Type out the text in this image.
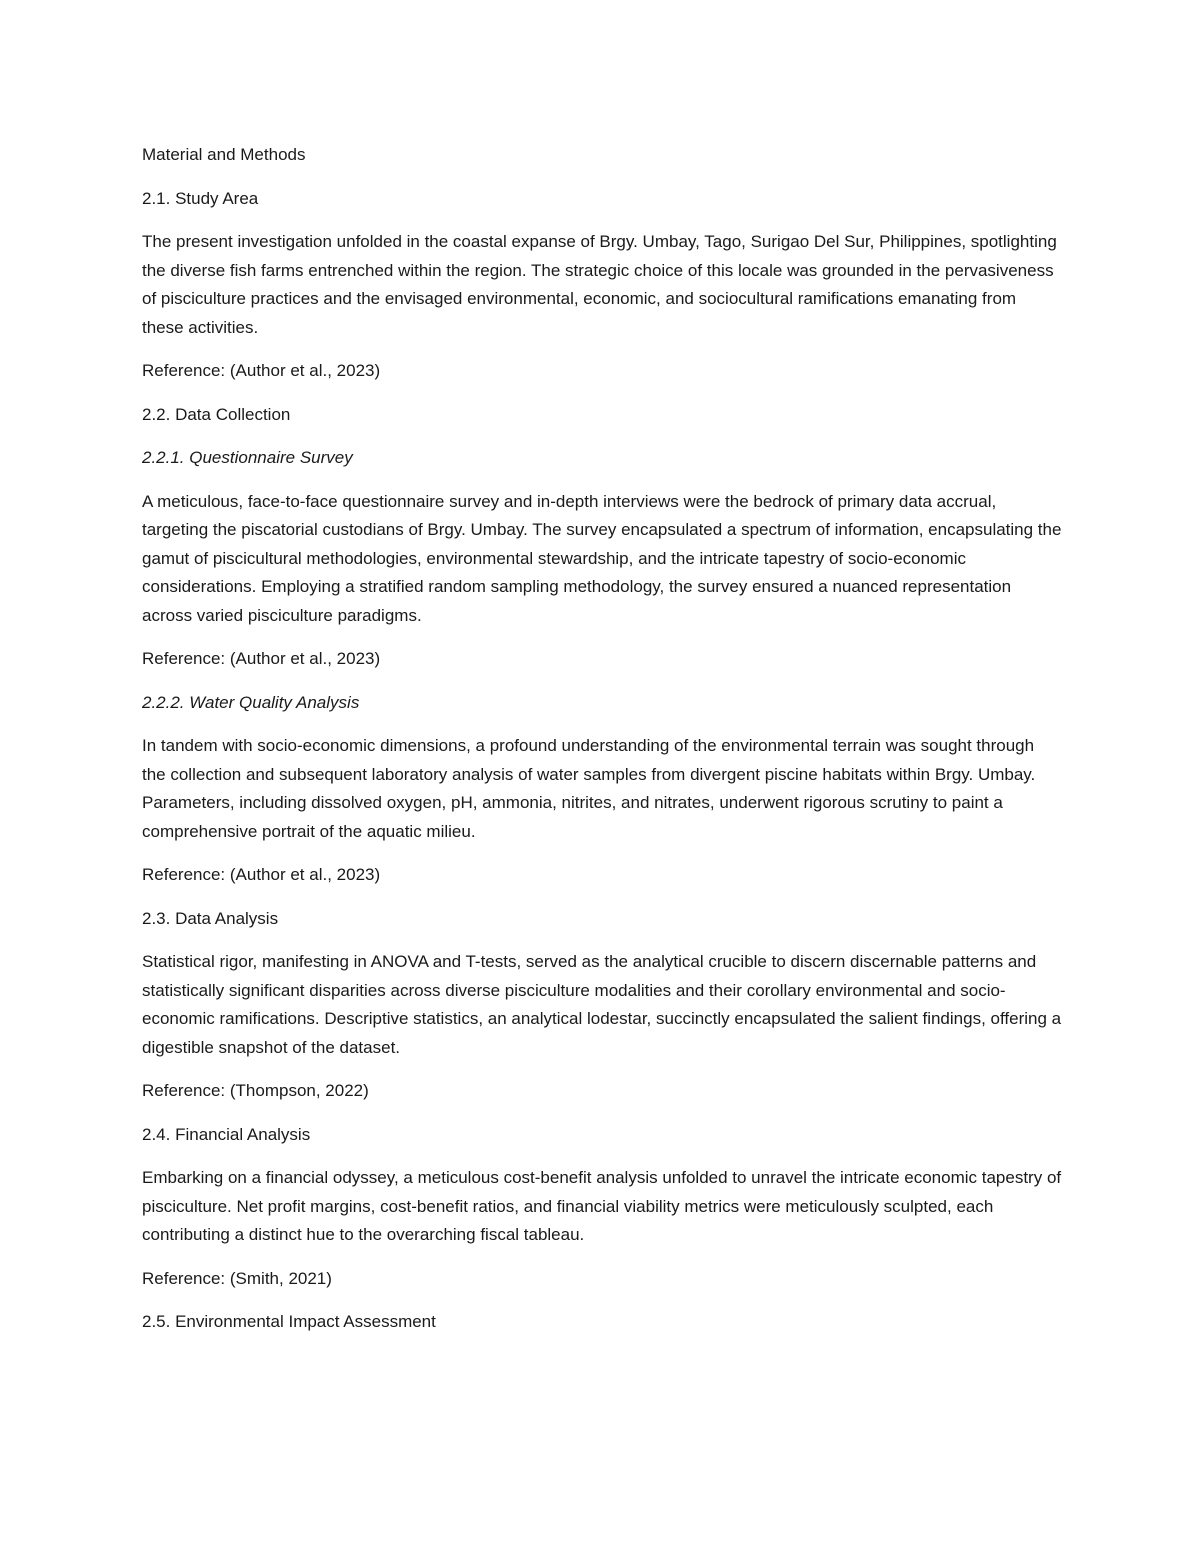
Material and Methods

2.1. Study Area

The present investigation unfolded in the coastal expanse of Brgy. Umbay, Tago, Surigao Del Sur, Philippines, spotlighting the diverse fish farms entrenched within the region. The strategic choice of this locale was grounded in the pervasiveness of pisciculture practices and the envisaged environmental, economic, and sociocultural ramifications emanating from these activities.

Reference: (Author et al., 2023)

2.2. Data Collection

2.2.1. Questionnaire Survey

A meticulous, face-to-face questionnaire survey and in-depth interviews were the bedrock of primary data accrual, targeting the piscatorial custodians of Brgy. Umbay. The survey encapsulated a spectrum of information, encapsulating the gamut of piscicultural methodologies, environmental stewardship, and the intricate tapestry of socio-economic considerations. Employing a stratified random sampling methodology, the survey ensured a nuanced representation across varied pisciculture paradigms.

Reference: (Author et al., 2023)

2.2.2. Water Quality Analysis

In tandem with socio-economic dimensions, a profound understanding of the environmental terrain was sought through the collection and subsequent laboratory analysis of water samples from divergent piscine habitats within Brgy. Umbay. Parameters, including dissolved oxygen, pH, ammonia, nitrites, and nitrates, underwent rigorous scrutiny to paint a comprehensive portrait of the aquatic milieu.

Reference: (Author et al., 2023)

2.3. Data Analysis

Statistical rigor, manifesting in ANOVA and T-tests, served as the analytical crucible to discern discernable patterns and statistically significant disparities across diverse pisciculture modalities and their corollary environmental and socio-economic ramifications. Descriptive statistics, an analytical lodestar, succinctly encapsulated the salient findings, offering a digestible snapshot of the dataset.

Reference: (Thompson, 2022)

2.4. Financial Analysis

Embarking on a financial odyssey, a meticulous cost-benefit analysis unfolded to unravel the intricate economic tapestry of pisciculture. Net profit margins, cost-benefit ratios, and financial viability metrics were meticulously sculpted, each contributing a distinct hue to the overarching fiscal tableau.

Reference: (Smith, 2021)

2.5. Environmental Impact Assessment
